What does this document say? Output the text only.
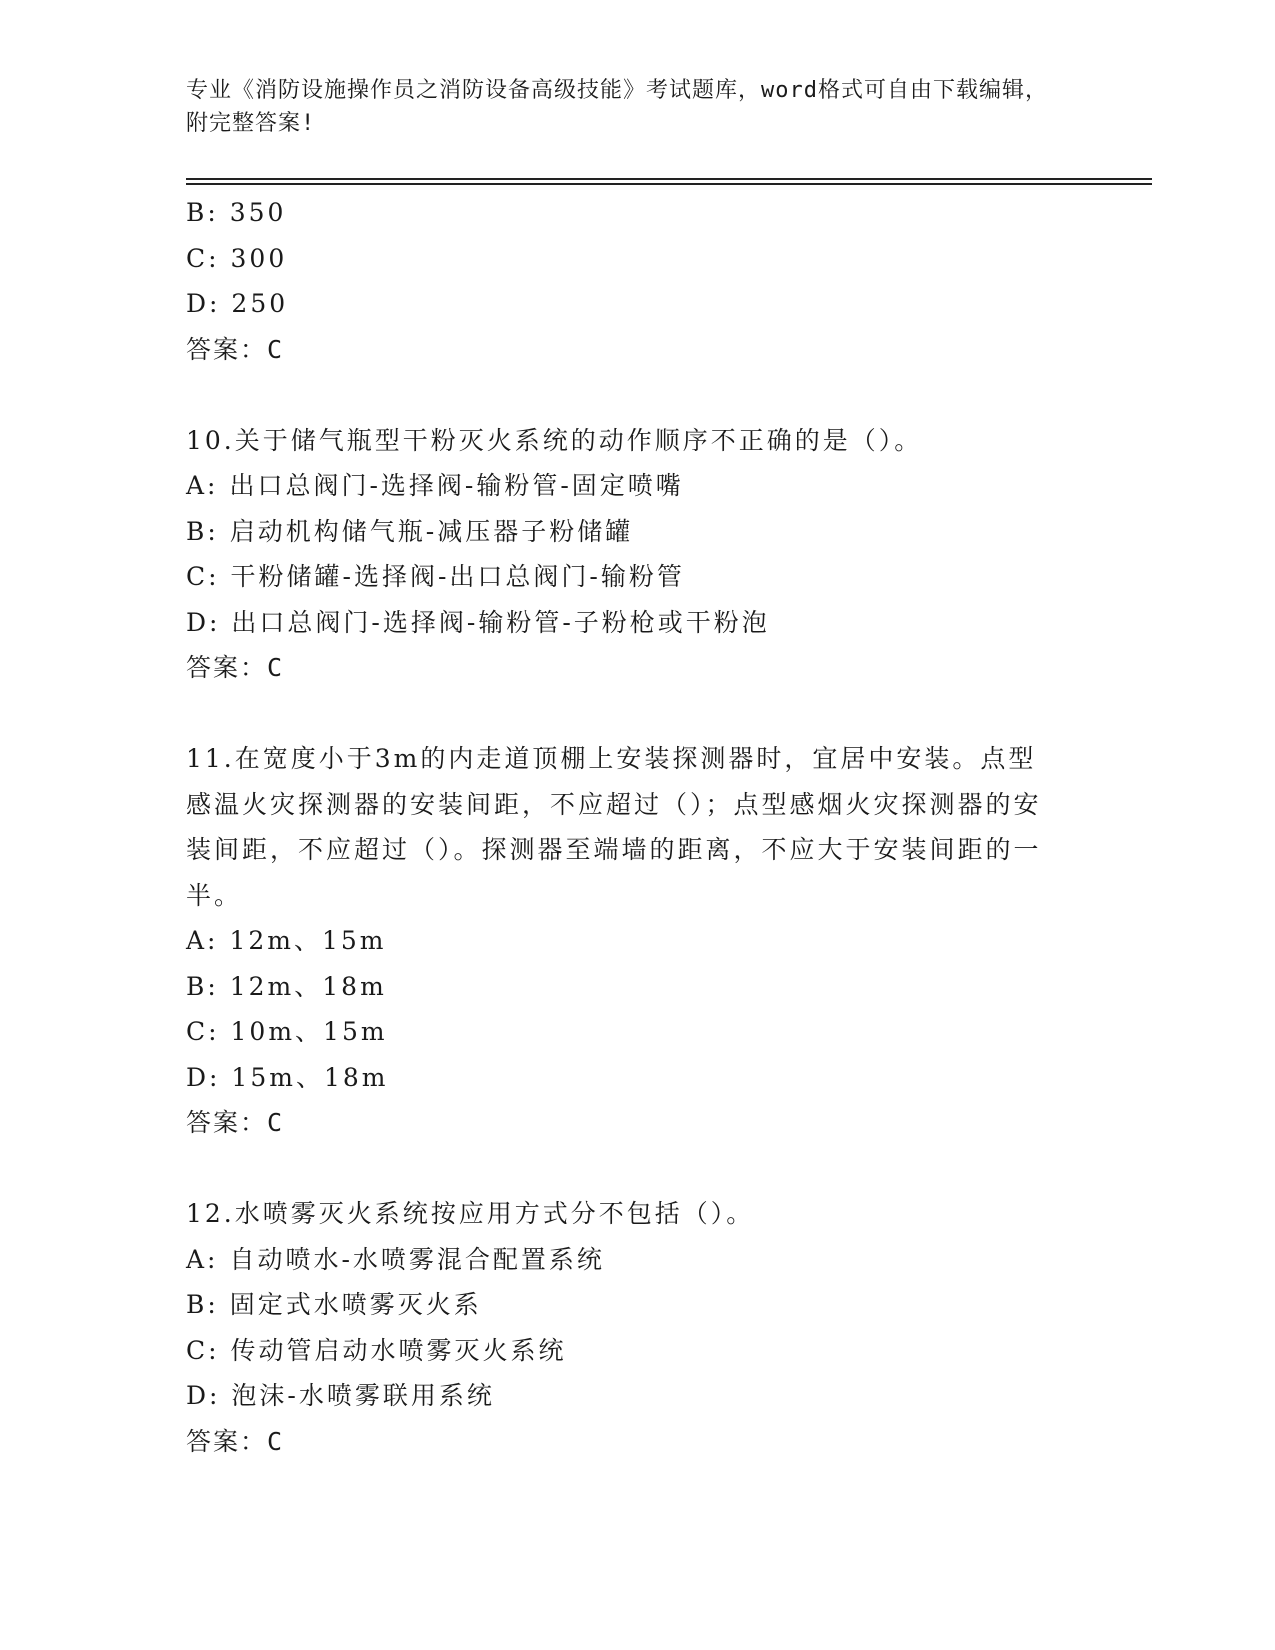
专业《消防设施操作员之消防设备高级技能》考试题库，word格式可自由下载编辑，附完整答案!
B: 350
C: 300
D: 250
答案：C
10.关于储气瓶型干粉灭火系统的动作顺序不正确的是（）。
A: 出口总阀门-选择阀-输粉管-固定喷嘴
B: 启动机构储气瓶-减压器子粉储罐
C: 干粉储罐-选择阀-出口总阀门-输粉管
D: 出口总阀门-选择阀-输粉管-子粉枪或干粉泡
答案：C
11.在宽度小于3m的内走道顶棚上安装探测器时，宜居中安装。点型感温火灾探测器的安装间距，不应超过（）；点型感烟火灾探测器的安装间距，不应超过（）。探测器至端墙的距离，不应大于安装间距的一半。
A: 12m、15m
B: 12m、18m
C: 10m、15m
D: 15m、18m
答案：C
12.水喷雾灭火系统按应用方式分不包括（）。
A: 自动喷水-水喷雾混合配置系统
B: 固定式水喷雾灭火系
C: 传动管启动水喷雾灭火系统
D: 泡沫-水喷雾联用系统
答案：C
